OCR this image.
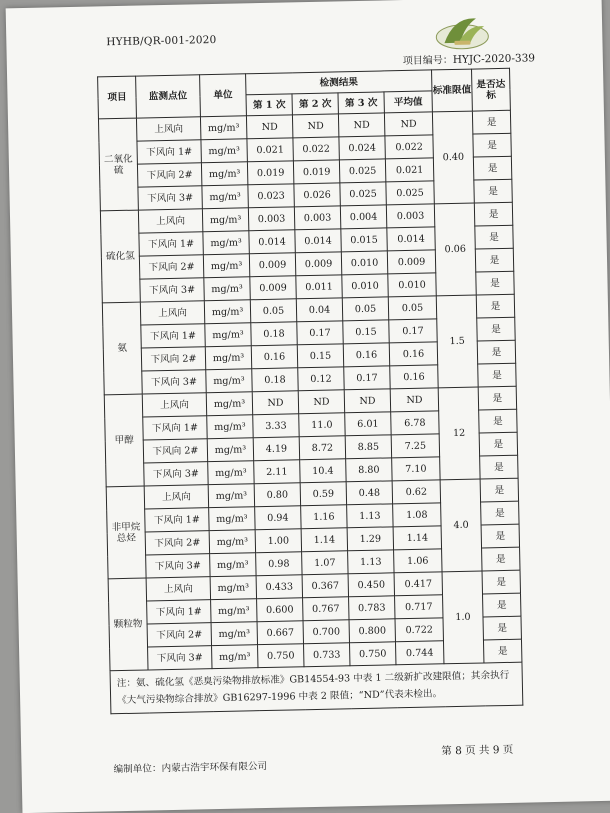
HYHB/QR-001-2020
项目编号：HYJC-2020-339
项目	监测点位	单位	检测结果				标准限值	是否达标
			第 1 次	第 2 次	第 3 次	平均值		
二氧化硫	上风向	mg/m³	ND	ND	ND	ND	0.40	是
	下风向 1#	mg/m³	0.021	0.022	0.024	0.022		是
	下风向 2#	mg/m³	0.019	0.019	0.025	0.021		是
	下风向 3#	mg/m³	0.023	0.026	0.025	0.025		是
硫化氢	上风向	mg/m³	0.003	0.003	0.004	0.003	0.06	是
	下风向 1#	mg/m³	0.014	0.014	0.015	0.014		是
	下风向 2#	mg/m³	0.009	0.009	0.010	0.009		是
	下风向 3#	mg/m³	0.009	0.011	0.010	0.010		是
氨	上风向	mg/m³	0.05	0.04	0.05	0.05	1.5	是
	下风向 1#	mg/m³	0.18	0.17	0.15	0.17		是
	下风向 2#	mg/m³	0.16	0.15	0.16	0.16		是
	下风向 3#	mg/m³	0.18	0.12	0.17	0.16		是
甲醇	上风向	mg/m³	ND	ND	ND	ND	12	是
	下风向 1#	mg/m³	3.33	11.0	6.01	6.78		是
	下风向 2#	mg/m³	4.19	8.72	8.85	7.25		是
	下风向 3#	mg/m³	2.11	10.4	8.80	7.10		是
非甲烷总烃	上风向	mg/m³	0.80	0.59	0.48	0.62	4.0	是
	下风向 1#	mg/m³	0.94	1.16	1.13	1.08		是
	下风向 2#	mg/m³	1.00	1.14	1.29	1.14		是
	下风向 3#	mg/m³	0.98	1.07	1.13	1.06		是
颗粒物	上风向	mg/m³	0.433	0.367	0.450	0.417	1.0	是
	下风向 1#	mg/m³	0.600	0.767	0.783	0.717		是
	下风向 2#	mg/m³	0.667	0.700	0.800	0.722		是
	下风向 3#	mg/m³	0.750	0.733	0.750	0.744		是
注：氨、硫化氢《恶臭污染物排放标准》GB14554-93 中表 1 二级新扩改建限值；其余执行《大气污染物综合排放》GB16297-1996 中表 2 限值；“ND”代表未检出。								
编制单位：内蒙古浩宇环保有限公司
第 8 页 共 9 页
